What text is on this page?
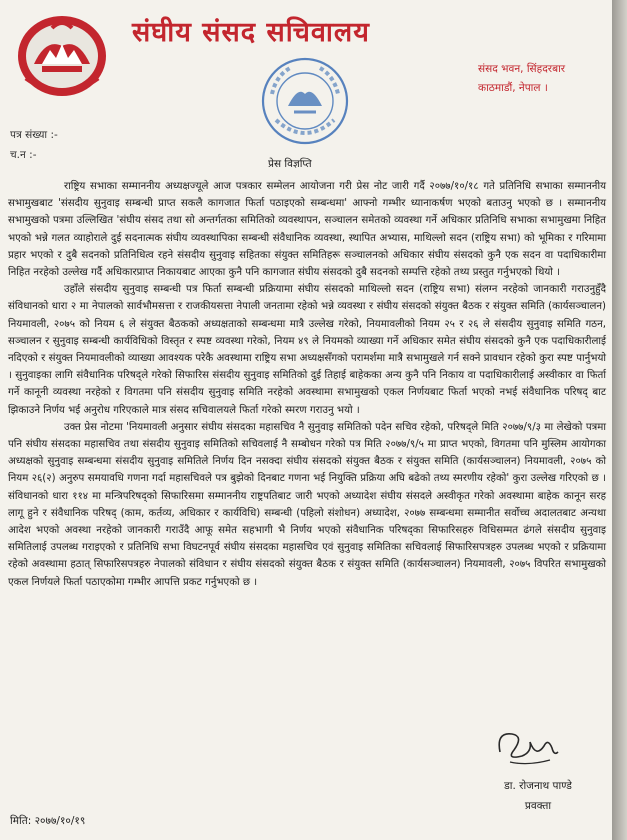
संघीय संसद सचिवालय
संसद भवन, सिंहदरबार
काठमाडौं, नेपाल ।
पत्र संख्या :-
च.न :-
प्रेस विज्ञप्ति

राष्ट्रिय सभाका सम्माननीय अध्यक्षज्यूले आज पत्रकार सम्मेलन आयोजना गरी प्रेस नोट जारी गर्दै २०७७/१०/१८ गते प्रतिनिधि सभाका सम्माननीय सभामुखबाट 'संसदीय सुनुवाइ सम्बन्धी प्राप्त सकलै कागजात फिर्ता पठाइएको सम्बन्धमा' आफ्नो गम्भीर ध्यानाकर्षण भएको बताउनु भएको छ । सम्माननीय सभामुखको पत्रमा उल्लिखित 'संघीय संसद तथा सो अन्तर्गतका समितिको व्यवस्थापन, सञ्चालन समेतको व्यवस्था गर्ने अधिकार प्रतिनिधि सभाका सभामुखमा निहित भएको भन्ने गलत व्याहोराले दुई सदनात्मक संघीय व्यवस्थापिका सम्बन्धी संवैधानिक व्यवस्था, स्थापित अभ्यास, माथिल्लो सदन (राष्ट्रिय सभा) को भूमिका र गरिमामा प्रहार भएको र दुबै सदनको प्रतिनिधित्व रहने संसदीय सुनुवाइ सहितका संयुक्त समितिहरू सञ्चालनको अधिकार संघीय संसदको कुनै एक सदन वा पदाधिकारीमा निहित नरहेको उल्लेख गर्दै अधिकारप्राप्त निकायबाट आएका कुनै पनि कागजात संघीय संसदको दुबै सदनको सम्पत्ति रहेको तथ्य प्रस्तुत गर्नुभएको थियो ।

उहाँले संसदीय सुनुवाइ सम्बन्धी पत्र फिर्ता सम्बन्धी प्रक्रियामा संघीय संसदको माथिल्लो सदन (राष्ट्रिय सभा) संलग्न नरहेको जानकारी गराउनुहुँदै संविधानको धारा २ मा नेपालको सार्वभौमसत्ता र राजकीयसत्ता नेपाली जनतामा रहेको भन्ने व्यवस्था र संघीय संसदको संयुक्त बैठक र संयुक्त समिति (कार्यसञ्चालन) नियमावली, २०७५ को नियम ६ ले संयुक्त बैठकको अध्यक्षताको सम्बन्धमा मात्रै उल्लेख गरेको, नियमावलीको नियम २५ र २६ ले संसदीय सुनुवाइ समिति गठन, सञ्चालन र सुनुवाइ सम्बन्धी कार्यविधिको विस्तृत र स्पष्ट व्यवस्था गरेको, नियम ४९ ले नियमको व्याख्या गर्ने अधिकार समेत संघीय संसदको कुनै एक पदाधिकारीलाई नदिएको र संयुक्त नियमावलीको व्याख्या आवश्यक परेकै अवस्थामा राष्ट्रिय सभा अध्यक्षसँगको परामर्शमा मात्रै सभामुखले गर्न सक्ने प्रावधान रहेको कुरा स्पष्ट पार्नुभयो । सुनुवाइका लागि संवैधानिक परिषद्ले गरेको सिफारिस संसदीय सुनुवाइ समितिको दुई तिहाई बाहेकका अन्य कुनै पनि निकाय वा पदाधिकारीलाई अस्वीकार वा फिर्ता गर्ने कानूनी व्यवस्था नरहेको र विगतमा पनि संसदीय सुनुवाइ समिति नरहेको अवस्थामा सभामुखको एकल निर्णयबाट फिर्ता भएको नभई संवैधानिक परिषद् बाट झिकाउने निर्णय भई अनुरोध गरिएकाले मात्र संसद सचिवालयले फिर्ता गरेको स्मरण गराउनु भयो ।

उक्त प्रेस नोटमा 'नियमावली अनुसार संघीय संसदका महासचिव नै सुनुवाइ समितिको पदेन सचिव रहेको, परिषद्ले मिति २०७७/९/३ मा लेखेको पत्रमा पनि संघीय संसदका महासचिव तथा संसदीय सुनुवाइ समितिको सचिवलाई नै सम्बोधन गरेको पत्र मिति २०७७/९/५ मा प्राप्त भएको, विगतमा पनि मुस्लिम आयोगका अध्यक्षको सुनुवाइ सम्बन्धमा संसदीय सुनुवाइ समितिले निर्णय दिन नसक्दा संघीय संसदको संयुक्त बैठक र संयुक्त समिति (कार्यसञ्चालन) नियमावली, २०७५ को नियम २६(२) अनुरुप समयावधि गणना गर्दा महासचिवले पत्र बुझेको दिनबाट गणना भई नियुक्ति प्रक्रिया अघि बढेको तथ्य स्मरणीय रहेको' कुरा उल्लेख गरिएको छ । संविधानको धारा ११४ मा मन्त्रिपरिषद्को सिफारिसमा सम्माननीय राष्ट्रपतिबाट जारी भएको अध्यादेश संघीय संसदले अस्वीकृत गरेको अवस्थामा बाहेक कानून सरह लागू हुने र संवैधानिक परिषद् (काम, कर्तव्य, अधिकार र कार्यविधि) सम्बन्धी (पहिलो संशोधन) अध्यादेश, २०७७ सम्बन्धमा सम्मानीत सर्वोच्च अदालतबाट अन्यथा आदेश भएको अवस्था नरहेको जानकारी गराउँदै आफू समेत सहभागी भै निर्णय भएको संवैधानिक परिषद्का सिफारिसहरु विधिसम्मत ढंगले संसदीय सुनुवाइ समितिलाई उपलब्ध गराइएको र प्रतिनिधि सभा विघटनपूर्व संघीय संसदका महासचिव एवं सुनुवाइ समितिका सचिवलाई सिफारिसपत्रहरु उपलब्ध भएको र प्रक्रियामा रहेको अवस्थामा हठात् सिफारिसपत्रहरु नेपालको संविधान र संघीय संसदको संयुक्त बैठक र संयुक्त समिति (कार्यसञ्चालन) नियमावली, २०७५ विपरित सभामुखको एकल निर्णयले फिर्ता पठाएकोमा गम्भीर आपत्ति प्रकट गर्नुभएको छ ।

डा. रोजनाथ पाण्डे
प्रवक्ता
मिति: २०७७/१०/१९
